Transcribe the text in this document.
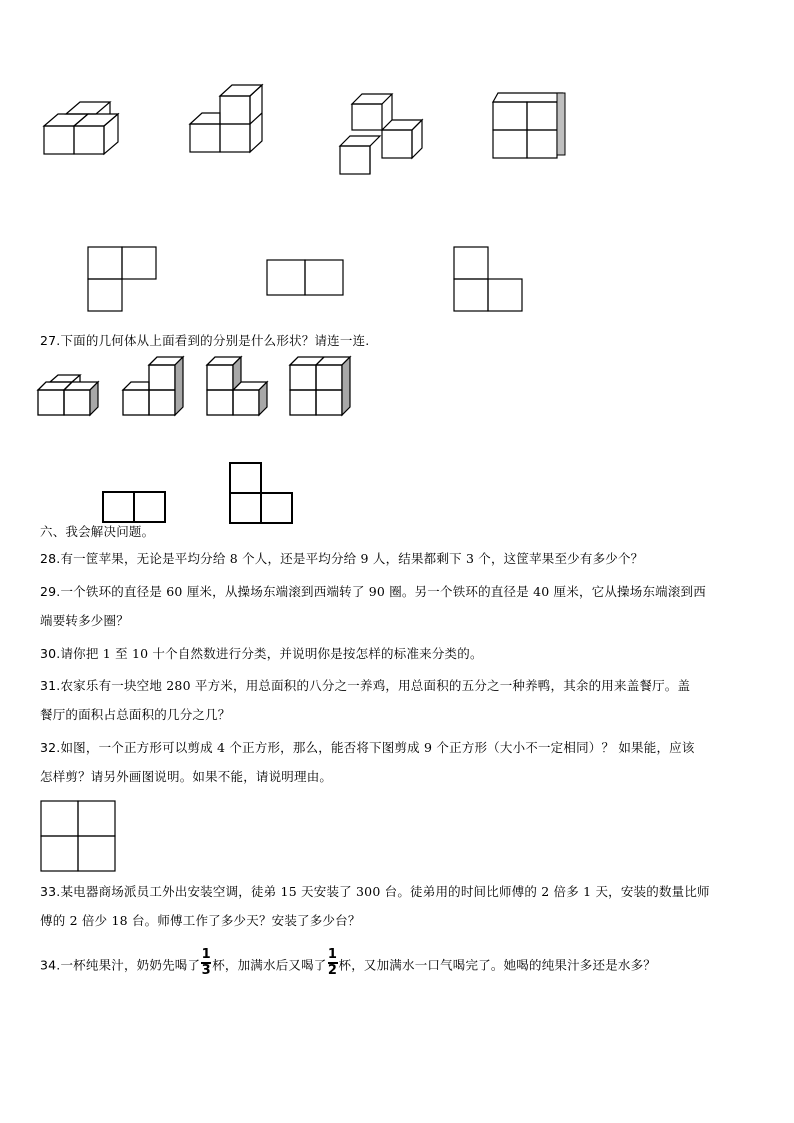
27.下面的几何体从上面看到的分别是什么形状？请连一连.
六、我会解决问题。
28.有一筐苹果，无论是平均分给 8 个人，还是平均分给 9 人，结果都剩下 3 个，这筐苹果至少有多少个？
29.一个铁环的直径是 60 厘米，从操场东端滚到西端转了 90 圈。另一个铁环的直径是 40 厘米，它从操场东端滚到西
端要转多少圈？
30.请你把 1 至 10 十个自然数进行分类，并说明你是按怎样的标准来分类的。
31.农家乐有一块空地 280 平方米，用总面积的八分之一养鸡，用总面积的五分之一种养鸭，其余的用来盖餐厅。盖
餐厅的面积占总面积的几分之几？
32.如图，一个正方形可以剪成 4 个正方形，那么，能否将下图剪成 9 个正方形（大小不一定相同）？ 如果能，应该
怎样剪？请另外画图说明。如果不能，请说明理由。
33.某电器商场派员工外出安装空调，徒弟 15 天安装了 300 台。徒弟用的时间比师傅的 2 倍多 1 天，安装的数量比师
傅的 2 倍少 18 台。师傅工作了多少天？安装了多少台？
34.一杯纯果汁，奶奶先喝了 $\frac{1}{3}$ 杯，加满水后又喝了 $\frac{1}{2}$ 杯，又加满水一口气喝完了。她喝的纯果汁多还是水多？
